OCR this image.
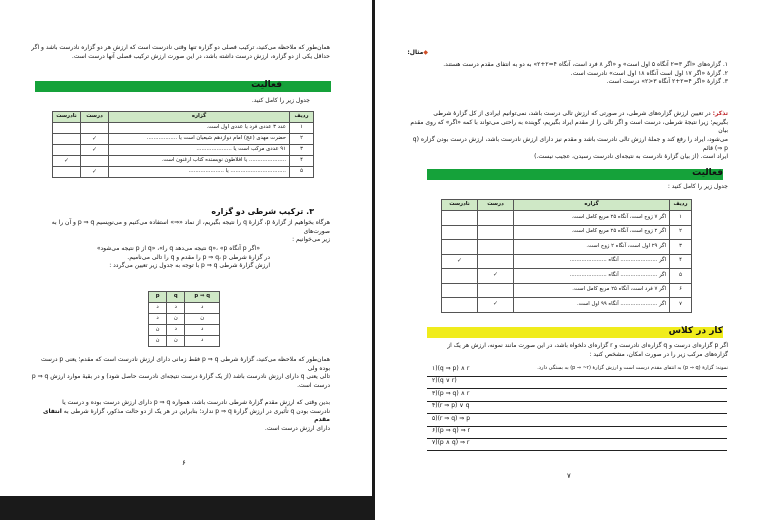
همان‌طور که ملاحظه می‌کنید، ترکیب فصلی دو گزاره تنها وقتی نادرست است که ارزش هر دو گزاره نادرست باشد و اگر
حداقل یکی از دو گزاره، ارزش درست داشته باشد، در این صورت ارزش ترکیب فصلی آنها درست است.
فعالیت
جدول زیر را کامل کنید.
ردیف	گزاره	درست	نادرست
۱	عدد ۳ عددی فرد یا عددی اول است.		
۲	حضرت مهدی (عج) امام دوازدهم شیعیان است یا ..................	✓	
۳	۹۱ عددی مرکب است یا .....................	✓	
۴	...................... یا افلاطون نویسنده کتاب ارغنون است.		✓
۵	................................. یا .....................	✓	
۳. ترکیب شرطی دو گزاره
هرگاه بخواهیم از گزارهٔ p، گزارهٔ q را نتیجه بگیریم، از نماد «⇒» استفاده می‌کنیم و می‌نویسیم p ⇒ q و آن را به صورت‌های
زیر می‌خوانیم :
«اگر p آنگاه q»، «p نتیجه می‌دهد q را»، «q از p نتیجه می‌شود»
در گزارهٔ شرطی p ⇒ q، p را مقدم و q را تالی می‌نامیم.
ارزش گزارهٔ شرطی p ⇒ q با توجه به جدول زیر تعیین می‌گردد :
p	q	p ⇒ q
د	د	د
د	ن	ن
ن	د	د
ن	ن	د
همان‌طور که ملاحظه می‌کنید، گزارهٔ شرطی p ⇒ q فقط زمانی دارای ارزش نادرست است که مقدم؛ یعنی p درست بوده ولی
تالی یعنی q دارای ارزش نادرست باشد (از یک گزارهٔ درست نتیجه‌ای نادرست حاصل شود) و در بقیهٔ موارد ارزش p ⇒ q
درست است.
بدین وقتی که ارزش مقدم گزارهٔ شرطی نادرست باشد، همواره p ⇒ q دارای ارزش درست بوده و درست یا
نادرست بودن q تأثیری در ارزش گزارهٔ p ⇒ q ندارد؛ بنابراین در هر یک از دو حالت مذکور، گزارهٔ شرطی به انتفای مقدم
دارای ارزش درست است.
۶
◆مثال:
۱. گزاره‌های «اگر ۳=۲ آنگاه ۵ اول است» و «اگر ۸ فرد است، آنگاه ۴=۲+۲» به دو به انتفای مقدم درست هستند.
۲. گزارهٔ «اگر ۱۷ اول است آنگاه ۱۸ اول است» نادرست است.
۳. گزارهٔ «اگر ۴=۲+۲ آنگاه ۳<۲» درست است.
تذکر: در تعیین ارزش گزاره‌های شرطی، در صورتی که ارزش تالی درست باشد، نمی‌توانیم ایرادی از کل گزارهٔ شرطی
بگیریم؛ زیرا نتیجهٔ شرطی، درست است و اگر تالی را از مقدم ایراد بگیریم، گوینده به راحتی می‌تواند با کمه «اگر» که روی مقدم بیان
می‌شود، ایراد را رفع کند و جملهٔ ارزش تالی نادرست باشد و مقدم نیز دارای ارزش نادرست باشد، ارزش درست بودن گزاره (q ⇒ p) قائم
ایراد است. (از بیان گزارهٔ نادرست به نتیجه‌ای نادرست رسیدن، عجیب نیست.)
فعالیت
جدول زیر را کامل کنید :
ردیف	گزاره	درست	نادرست
۱	اگر ۷ زوج است، آنگاه ۲۵ مربع کامل است.		
۲	اگر ۲ زوج است، آنگاه ۲۵ مربع کامل است.		
۳	اگر ۲۹ اول است، آنگاه ۲ زوج است.		
۴	اگر ...................... آنگاه ......................		✓
۵	اگر ...................... آنگاه ......................	✓	
۶	اگر ۷ فرد است، آنگاه ۲۵ مربع کامل است.		
۷	اگر ...................... آنگاه ۹۹ اول است.	✓	
کار در کلاس
اگر p گزاره‌ای درست و q گزاره‌ای نادرست و r گزاره‌ای دلخواه باشد، در این صورت مانند نمونه، ارزش هر یک از
گزاره‌های مرکب زیر را در صورت امکان، مشخص کنید :
نمونه: گزارهٔ (p ⇒ q) به انتفای مقدم درست است و ارزش گزارهٔ (p ⇒ ~r) به بستگی دارد.
۱)(q ⇒ p) ∧ r
۲)(q ∨ r)
۳)(p ⇒ q) ∧ r
۴)(r ⇒ p) ∨ q
۵)(r ⇒ q) ⇒ p
۶)(p ⇒ q) ⇒ r
۷)(p ∧ q) ⇒ r
۷
